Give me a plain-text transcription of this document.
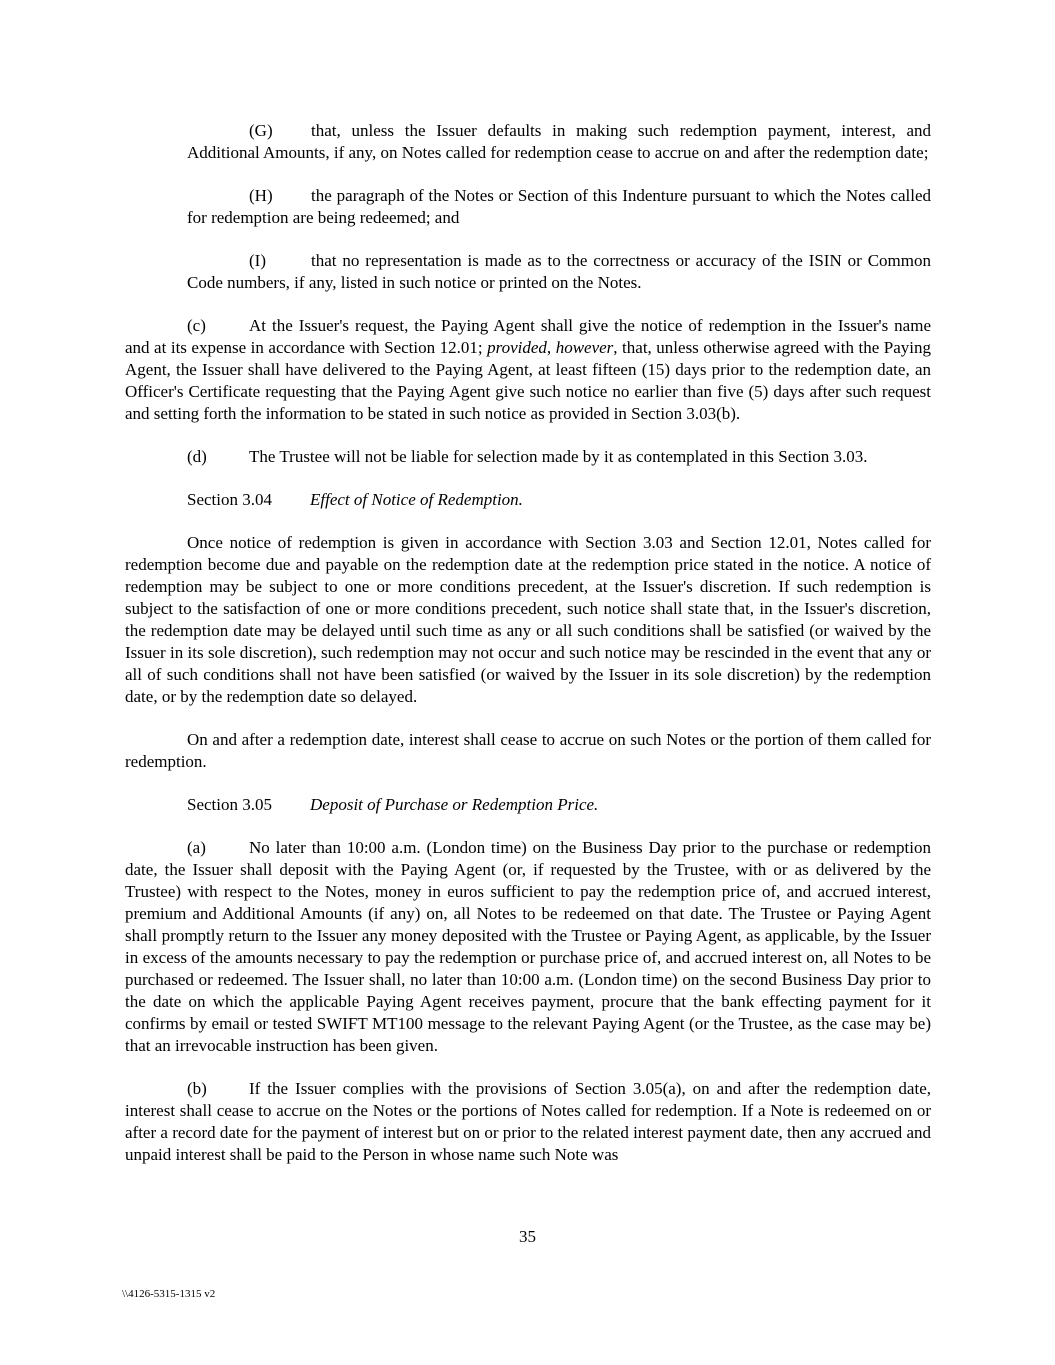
(G) that, unless the Issuer defaults in making such redemption payment, interest, and Additional Amounts, if any, on Notes called for redemption cease to accrue on and after the redemption date;

(H) the paragraph of the Notes or Section of this Indenture pursuant to which the Notes called for redemption are being redeemed; and

(I)	that no representation is made as to the correctness or accuracy of the ISIN or Common Code numbers, if any, listed in such notice or printed on the Notes.

(c)	At the Issuer's request, the Paying Agent shall give the notice of redemption in the Issuer's name and at its expense in accordance with Section 12.01; provided, however, that, unless otherwise agreed with the Paying Agent, the Issuer shall have delivered to the Paying Agent, at least fifteen (15) days prior to the redemption date, an Officer's Certificate requesting that the Paying Agent give such notice no earlier than five (5) days after such request and setting forth the information to be stated in such notice as provided in Section 3.03(b).

(d) The Trustee will not be liable for selection made by it as contemplated in this Section 3.03.

Section 3.04 Effect of Notice of Redemption.

Once notice of redemption is given in accordance with Section 3.03 and Section 12.01, Notes called for redemption become due and payable on the redemption date at the redemption price stated in the notice. A notice of redemption may be subject to one or more conditions precedent, at the Issuer's discretion. If such redemption is subject to the satisfaction of one or more conditions precedent, such notice shall state that, in the Issuer's discretion, the redemption date may be delayed until such time as any or all such conditions shall be satisfied (or waived by the Issuer in its sole discretion), such redemption may not occur and such notice may be rescinded in the event that any or all of such conditions shall not have been satisfied (or waived by the Issuer in its sole discretion) by the redemption date, or by the redemption date so delayed.

On and after a redemption date, interest shall cease to accrue on such Notes or the portion of them called for redemption.

Section 3.05 Deposit of Purchase or Redemption Price.

(a)	No later than 10:00 a.m. (London time) on the Business Day prior to the purchase or redemption date, the Issuer shall deposit with the Paying Agent (or, if requested by the Trustee, with or as delivered by the Trustee) with respect to the Notes, money in euros sufficient to pay the redemption price of, and accrued interest, premium and Additional Amounts (if any) on, all Notes to be redeemed on that date. The Trustee or Paying Agent shall promptly return to the Issuer any money deposited with the Trustee or Paying Agent, as applicable, by the Issuer in excess of the amounts necessary to pay the redemption or purchase price of, and accrued interest on, all Notes to be purchased or redeemed. The Issuer shall, no later than 10:00 a.m. (London time) on the second Business Day prior to the date on which the applicable Paying Agent receives payment, procure that the bank effecting payment for it confirms by email or tested SWIFT MT100 message to the relevant Paying Agent (or the Trustee, as the case may be) that an irrevocable instruction has been given.

(b) If the Issuer complies with the provisions of Section 3.05(a), on and after the redemption date, interest shall cease to accrue on the Notes or the portions of Notes called for redemption. If a Note is redeemed on or after a record date for the payment of interest but on or prior to the related interest payment date, then any accrued and unpaid interest shall be paid to the Person in whose name such Note was

35
\\4126-5315-1315 v2
